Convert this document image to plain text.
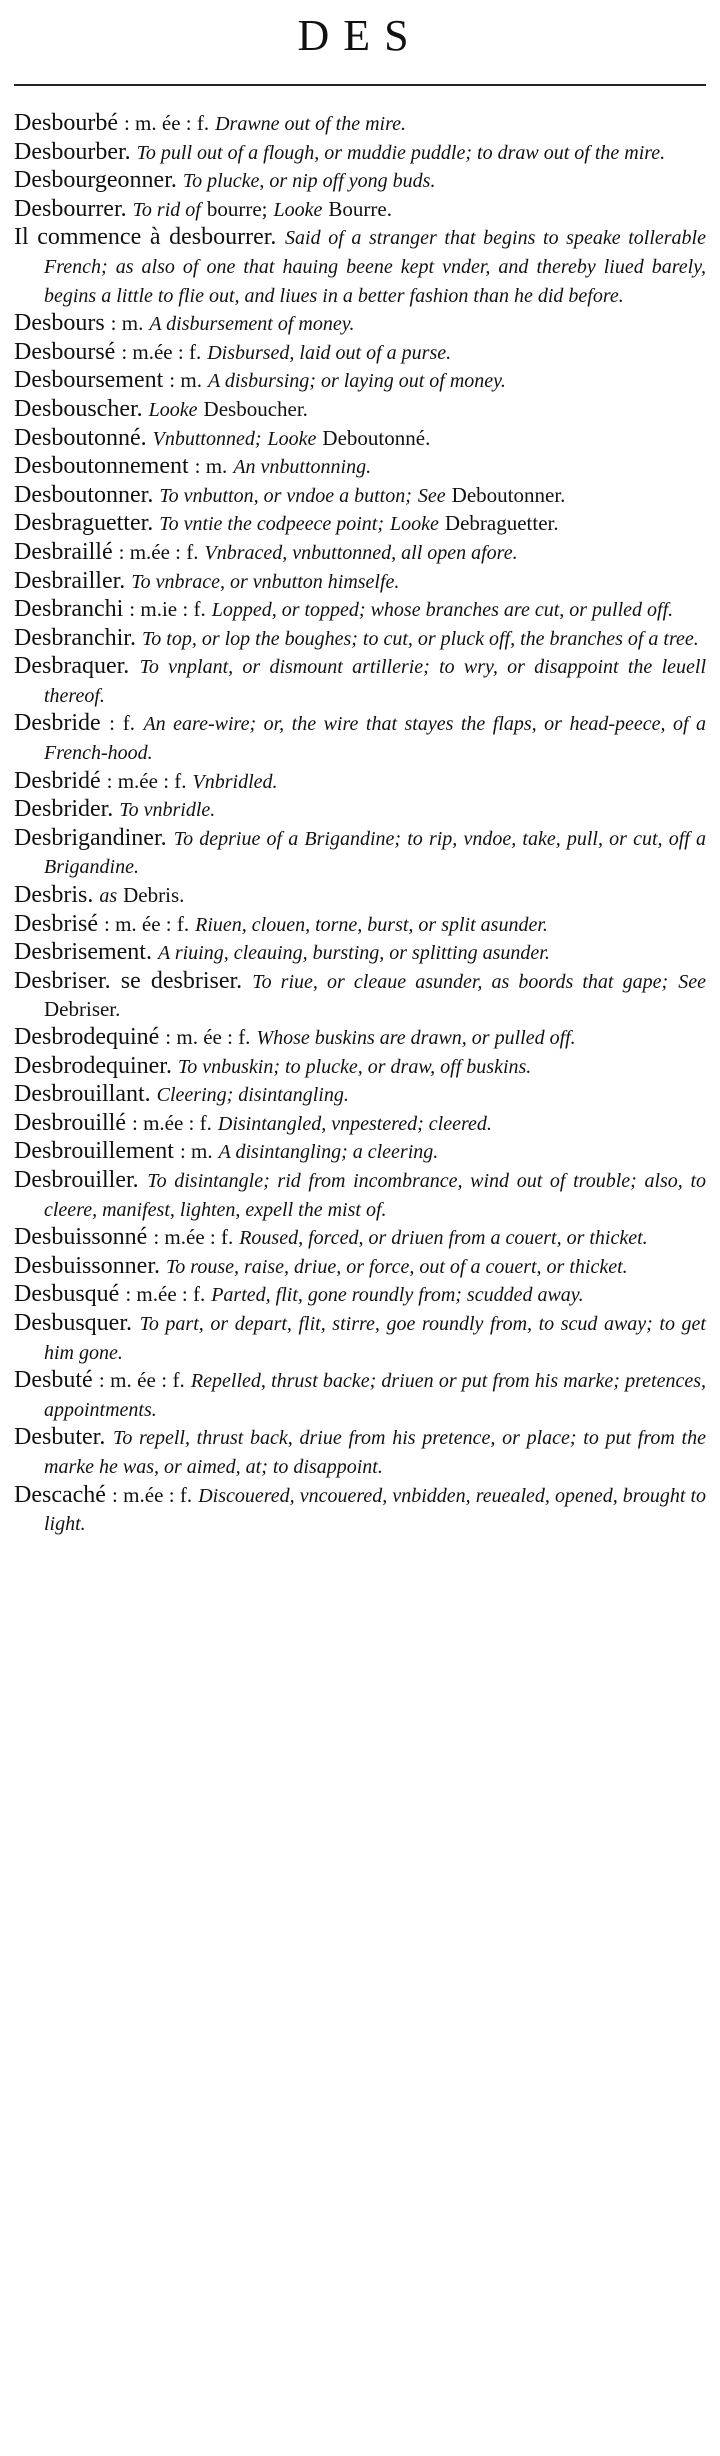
DES

Desbourbé : m. ée : f. Drawne out of the mire.

Desbourber. To pull out of a flough, or muddie puddle; to draw out of the mire.

Desbourgeonner. To plucke, or nip off yong buds.

Desbourrer. To rid of bourre; Looke Bourre.

Il commence à desbourrer. Said of a stranger that begins to speake tollerable French; as also of one that hauing beene kept vnder, and thereby liued barely, begins a little to flie out, and liues in a better fashion than he did before.

Desbours : m. A disbursement of money.

Desboursé : m.ée : f. Disbursed, laid out of a purse.

Desboursement : m. A disbursing; or laying out of money.

Desbouscher. Looke Desboucher.

Desboutonné. Vnbuttonned; Looke Deboutonné.

Desboutonnement : m. An vnbuttonning.

Desboutonner. To vnbutton, or vndoe a button; See Deboutonner.

Desbraguetter. To vntie the codpeece point; Looke Debraguetter.

Desbraillé : m.ée : f. Vnbraced, vnbuttonned, all open afore.

Desbrailler. To vnbrace, or vnbutton himselfe.

Desbranchi : m.ie : f. Lopped, or topped; whose branches are cut, or pulled off.

Desbranchir. To top, or lop the boughes; to cut, or pluck off, the branches of a tree.

Desbraquer. To vnplant, or dismount artillerie; to wry, or disappoint the leuell thereof.

Desbride : f. An eare-wire; or, the wire that stayes the flaps, or head-peece, of a French-hood.

Desbridé : m.ée : f. Vnbridled.

Desbrider. To vnbridle.

Desbrigandiner. To depriue of a Brigandine; to rip, vndoe, take, pull, or cut, off a Brigandine.

Desbris. as Debris.

Desbrisé : m. ée : f. Riuen, clouen, torne, burst, or split asunder.

Desbrisement. A riuing, cleauing, bursting, or splitting asunder.

Desbriser. se desbriser. To riue, or cleaue asunder, as boords that gape; See Debriser.

Desbrodequiné : m. ée : f. Whose buskins are drawn, or pulled off.

Desbrodequiner. To vnbuskin; to plucke, or draw, off buskins.

Desbrouillant. Cleering; disintangling.

Desbrouillé : m.ée : f. Disintangled, vnpestered; cleered.

Desbrouillement : m. A disintangling; a cleering.

Desbrouiller. To disintangle; rid from incombrance, wind out of trouble; also, to cleere, manifest, lighten, expell the mist of.

Desbuissonné : m.ée : f. Roused, forced, or driuen from a couert, or thicket.

Desbuissonner. To rouse, raise, driue, or force, out of a couert, or thicket.

Desbusqué : m.ée : f. Parted, flit, gone roundly from; scudded away.

Desbusquer. To part, or depart, flit, stirre, goe roundly from, to scud away; to get him gone.

Desbuté : m. ée : f. Repelled, thrust backe; driuen or put from his marke; pretences, appointments.

Desbuter. To repell, thrust back, driue from his pretence, or place; to put from the marke he was, or aimed, at; to disappoint.

Descaché : m.ée : f. Discouered, vncouered, vnbidden, reuealed, opened, brought to light.
